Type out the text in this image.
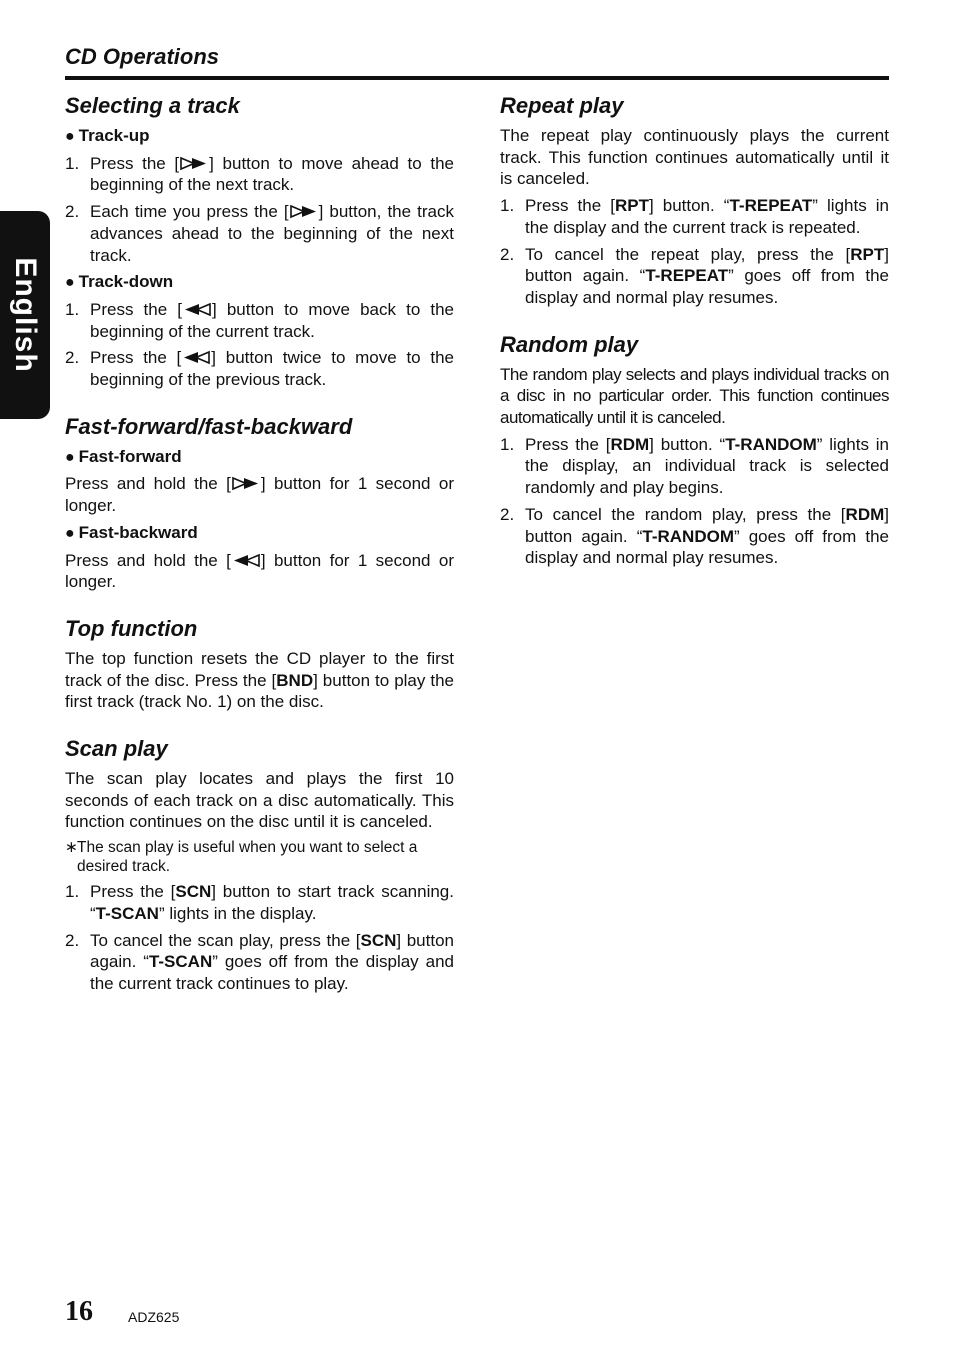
CD Operations
English
Selecting a track
● Track-up
1. Press the [ ] button to move ahead to the beginning of the next track.
2. Each time you press the [ ] button, the track advances ahead to the beginning of the next track.
● Track-down
1. Press the [ ] button to move back to the beginning of the current track.
2. Press the [ ] button twice to move to the beginning of the previous track.
Fast-forward/fast-backward
● Fast-forward

Press and hold the [ ] button for 1 second or longer.

● Fast-backward

Press and hold the [ ] button for 1 second or longer.

Top function

The top function resets the CD player to the first track of the disc. Press the [BND] button to play the first track (track No. 1) on the disc.

Scan play

The scan play locates and plays the first 10 seconds of each track on a disc automatically. This function continues on the disc until it is canceled.

∗ The scan play is useful when you want to select a desired track.
1. Press the [SCN] button to start track scanning. “T-SCAN” lights in the display.
2. To cancel the scan play, press the [SCN] button again. “T-SCAN” goes off from the display and the current track continues to play.
Repeat play

The repeat play continuously plays the current track. This function continues automatically until it is canceled.

1. Press the [RPT] button. “T-REPEAT” lights in the display and the current track is repeated.
2. To cancel the repeat play, press the [RPT] button again. “T-REPEAT” goes off from the display and normal play resumes.
Random play

The random play selects and plays individual tracks on a disc in no particular order. This function continues automatically until it is canceled.

1. Press the [RDM] button. “T-RANDOM” lights in the display, an individual track is selected randomly and play begins.
2. To cancel the random play, press the [RDM] button again. “T-RANDOM” goes off from the display and normal play resumes.
16	ADZ625
